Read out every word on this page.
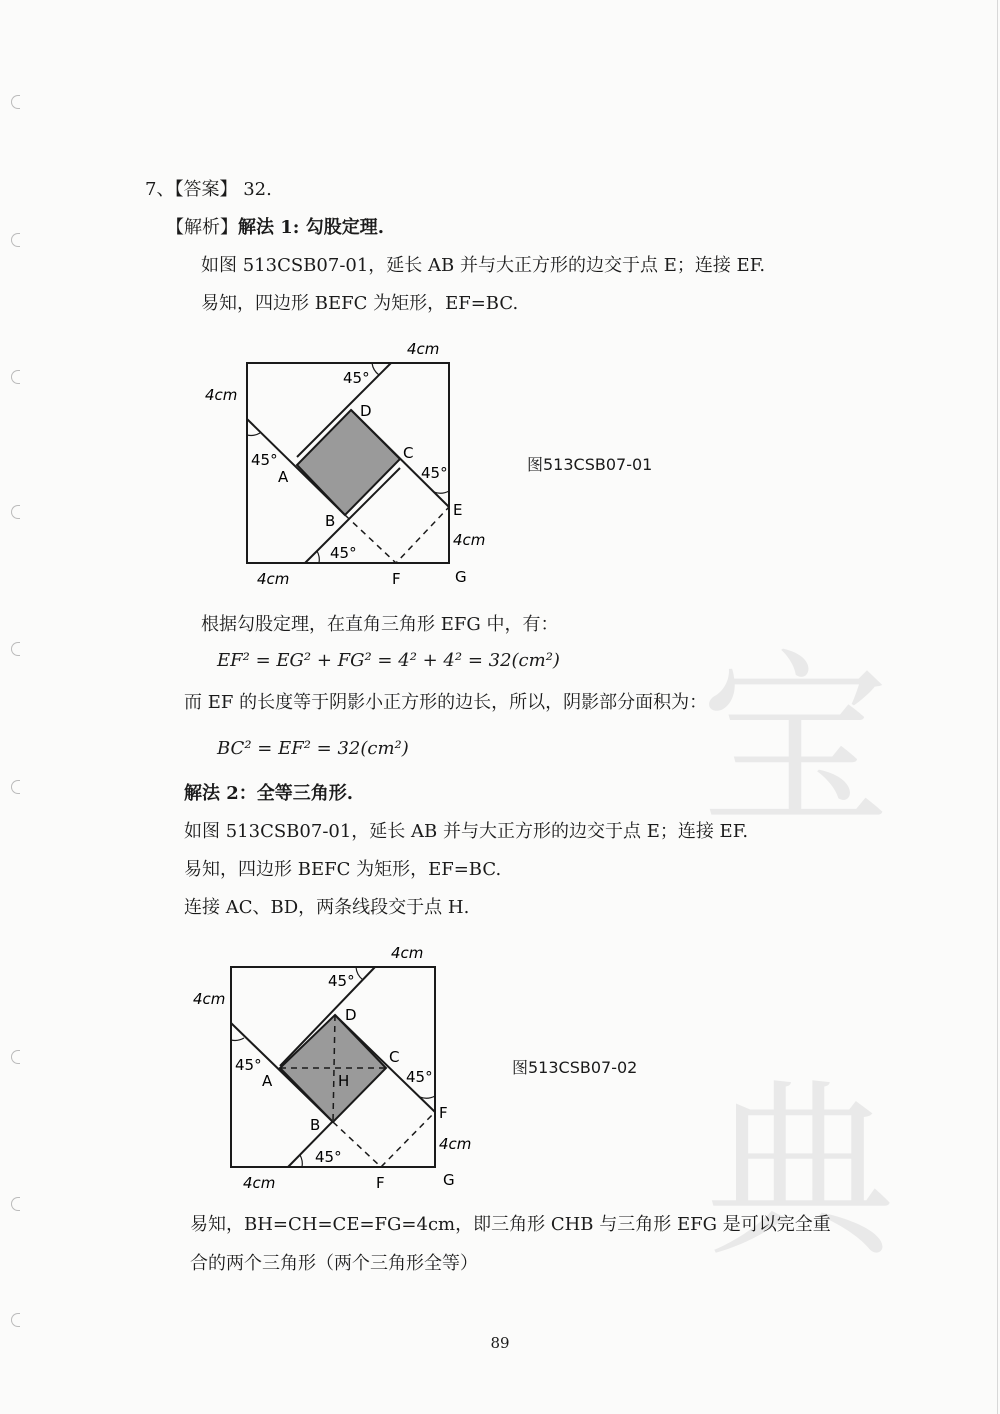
宝
典
7、【答案】 32.
【解析】解法 1: 勾股定理.
如图 513CSB07-01，延长 AB 并与大正方形的边交于点 E；连接 EF.
易知，四边形 BEFC 为矩形，EF=BC.
4cm
4cm
4cm
4cm
45°
45°
45°
45°
A
B
C
D
E
F	G
图513CSB07-01
根据勾股定理，在直角三角形 EFG 中，有：
EF² = EG² + FG² = 4² + 4² = 32(cm²)
而 EF 的长度等于阴影小正方形的边长，所以，阴影部分面积为：
BC² = EF² = 32(cm²)
解法 2：全等三角形.
如图 513CSB07-01，延长 AB 并与大正方形的边交于点 E；连接 EF.
易知，四边形 BEFC 为矩形，EF=BC.
连接 AC、BD，两条线段交于点 H.
4cm
4cm
4cm
4cm
45°
45°
45°
45°
A
B
C
D
H
F
F	G
图513CSB07-02
易知，BH=CH=CE=FG=4cm，即三角形 CHB 与三角形 EFG 是可以完全重
合的两个三角形（两个三角形全等）
89
